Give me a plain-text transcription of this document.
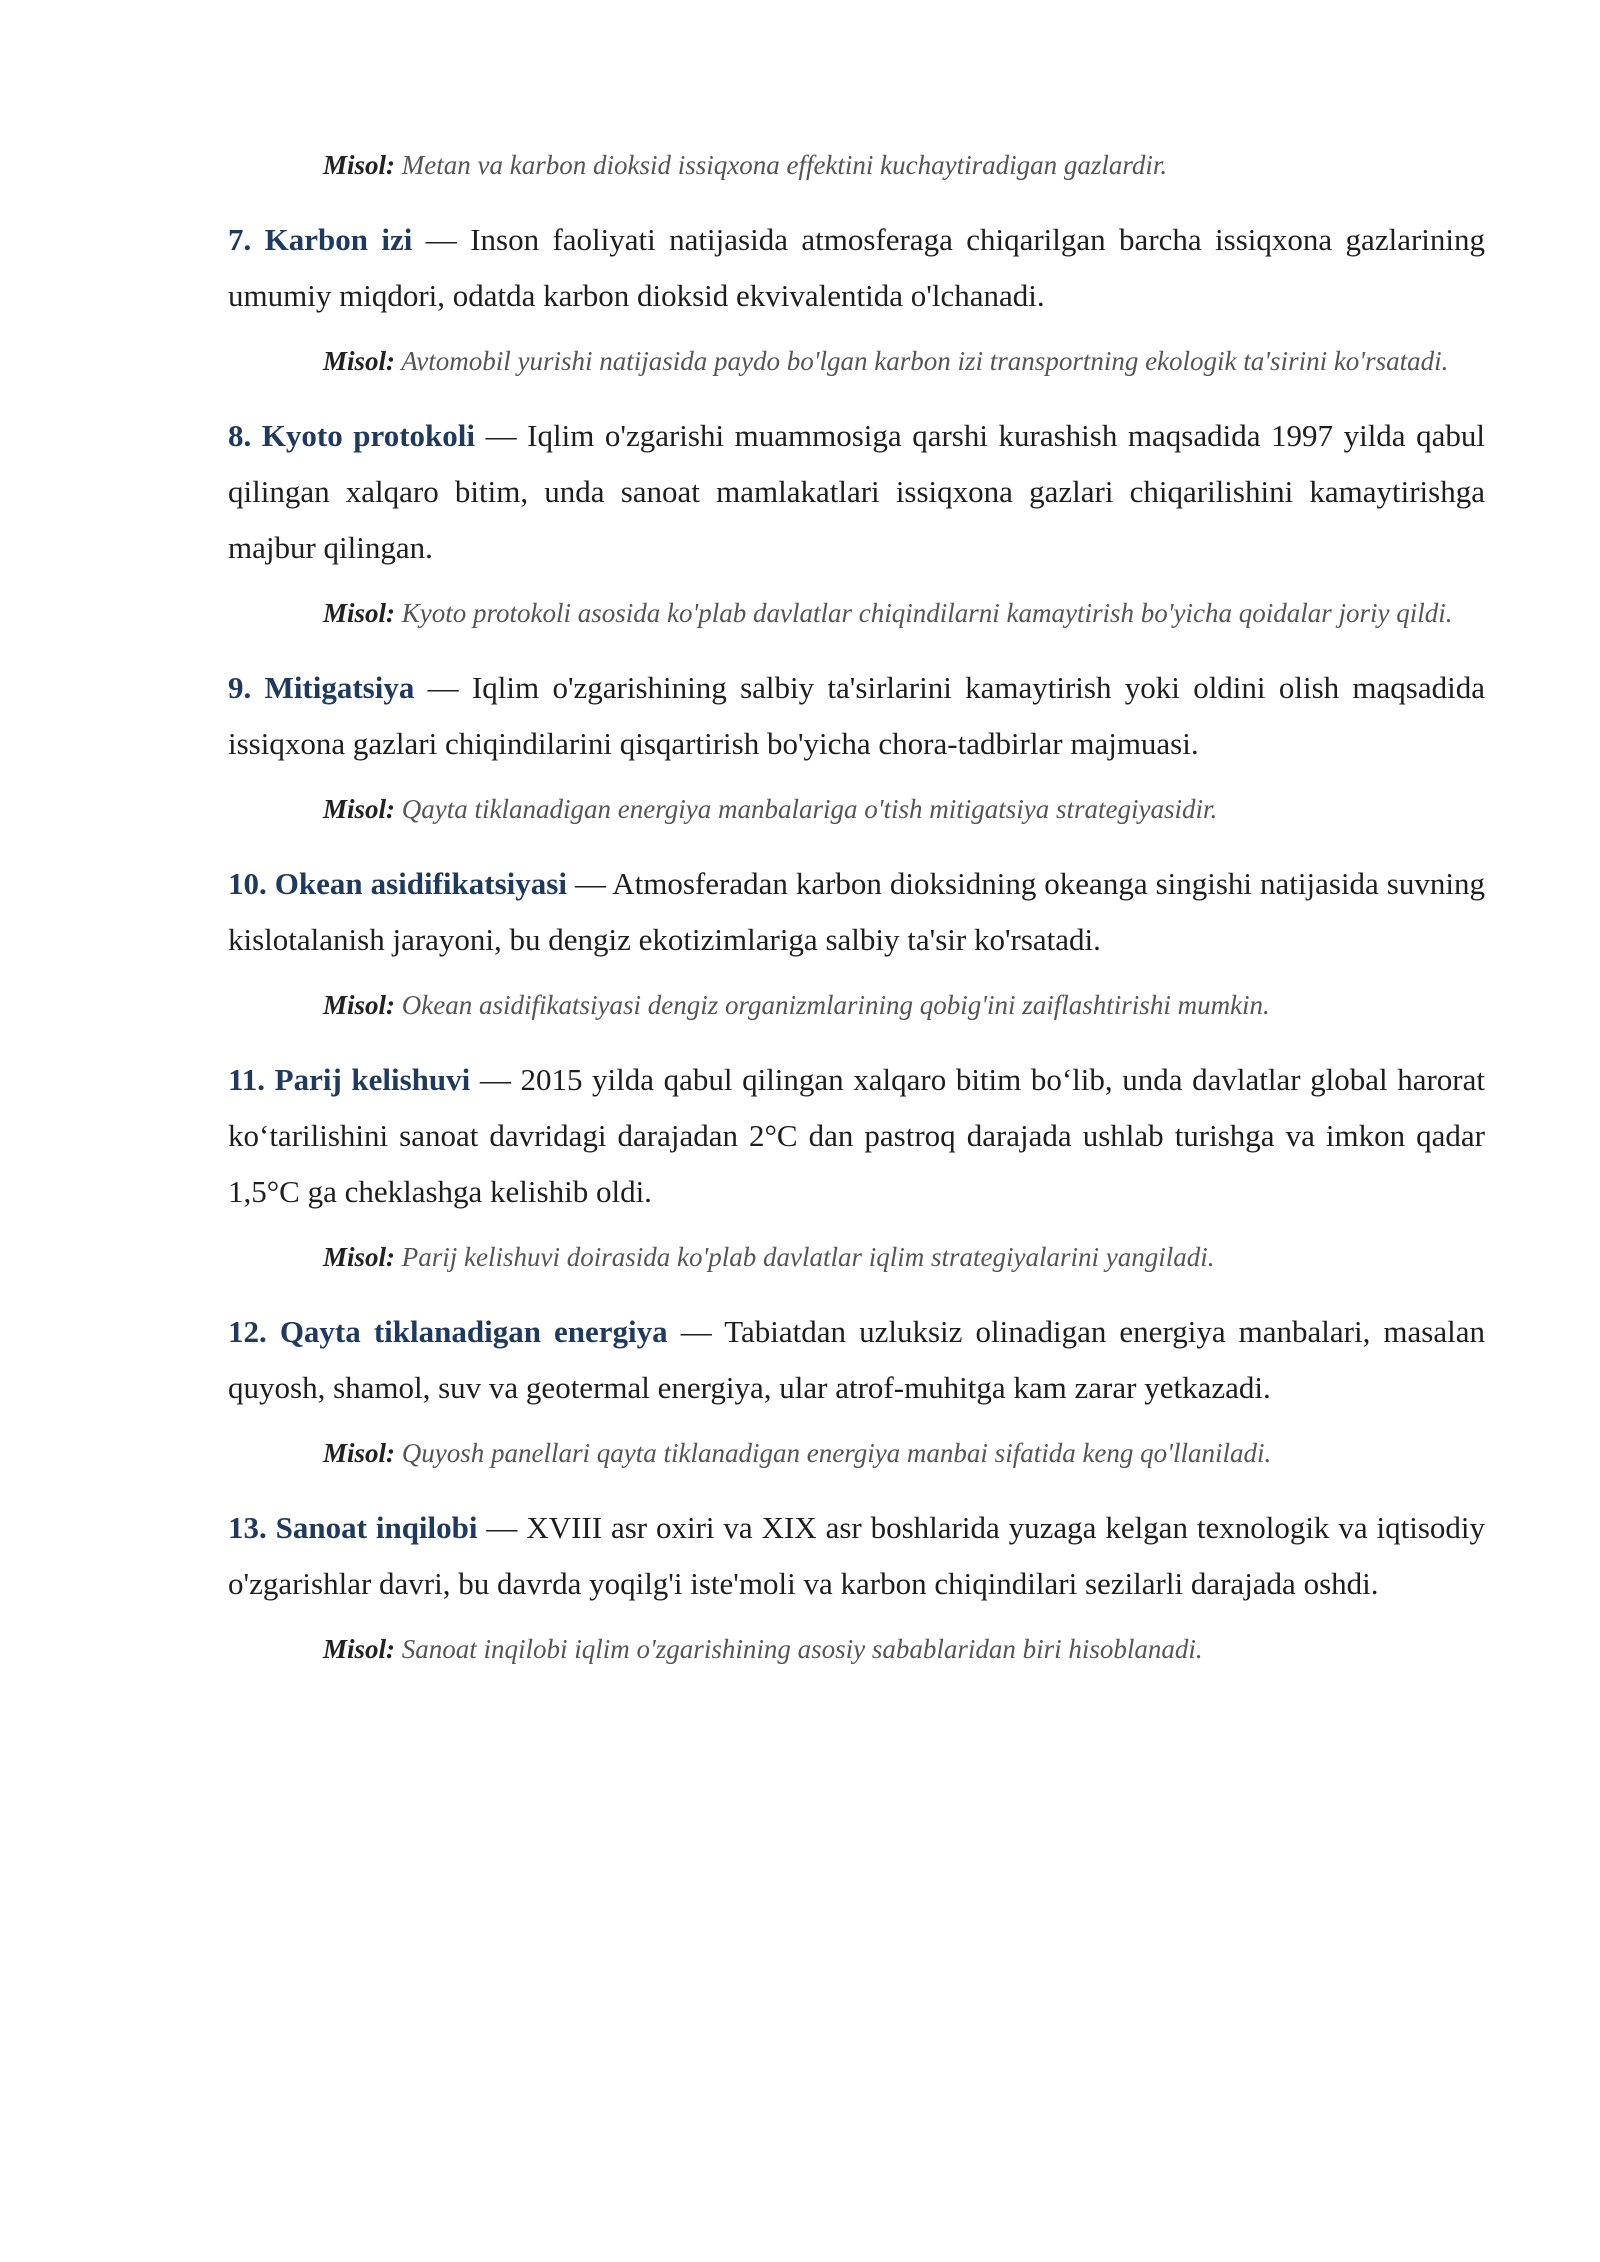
Misol: Metan va karbon dioksid issiqxona effektini kuchaytiradigan gazlardir.

7. Karbon izi — Inson faoliyati natijasida atmosferaga chiqarilgan barcha issiqxona gazlarining umumiy miqdori, odatda karbon dioksid ekvivalentida o'lchanadi.

Misol: Avtomobil yurishi natijasida paydo bo'lgan karbon izi transportning ekologik ta'sirini ko'rsatadi.

8. Kyoto protokoli — Iqlim o'zgarishi muammosiga qarshi kurashish maqsadida 1997 yilda qabul qilingan xalqaro bitim, unda sanoat mamlakatlari issiqxona gazlari chiqarilishini kamaytirishga majbur qilingan.

Misol: Kyoto protokoli asosida ko'plab davlatlar chiqindilarni kamaytirish bo'yicha qoidalar joriy qildi.

9. Mitigatsiya — Iqlim o'zgarishining salbiy ta'sirlarini kamaytirish yoki oldini olish maqsadida issiqxona gazlari chiqindilarini qisqartirish bo'yicha chora-tadbirlar majmuasi.

Misol: Qayta tiklanadigan energiya manbalariga o'tish mitigatsiya strategiyasidir.

10. Okean asidifikatsiyasi — Atmosferadan karbon dioksidning okeanga singishi natijasida suvning kislotalanish jarayoni, bu dengiz ekotizimlariga salbiy ta'sir ko'rsatadi.

Misol: Okean asidifikatsiyasi dengiz organizmlarining qobig'ini zaiflashtirishi mumkin.

11. Parij kelishuvi — 2015 yilda qabul qilingan xalqaro bitim bo‘lib, unda davlatlar global harorat ko‘tarilishini sanoat davridagi darajadan 2°C dan pastroq darajada ushlab turishga va imkon qadar 1,5°C ga cheklashga kelishib oldi.

Misol: Parij kelishuvi doirasida ko'plab davlatlar iqlim strategiyalarini yangiladi.

12. Qayta tiklanadigan energiya — Tabiatdan uzluksiz olinadigan energiya manbalari, masalan quyosh, shamol, suv va geotermal energiya, ular atrof-muhitga kam zarar yetkazadi.

Misol: Quyosh panellari qayta tiklanadigan energiya manbai sifatida keng qo'llaniladi.

13. Sanoat inqilobi — XVIII asr oxiri va XIX asr boshlarida yuzaga kelgan texnologik va iqtisodiy o'zgarishlar davri, bu davrda yoqilg'i iste'moli va karbon chiqindilari sezilarli darajada oshdi.

Misol: Sanoat inqilobi iqlim o'zgarishining asosiy sabablaridan biri hisoblanadi.
